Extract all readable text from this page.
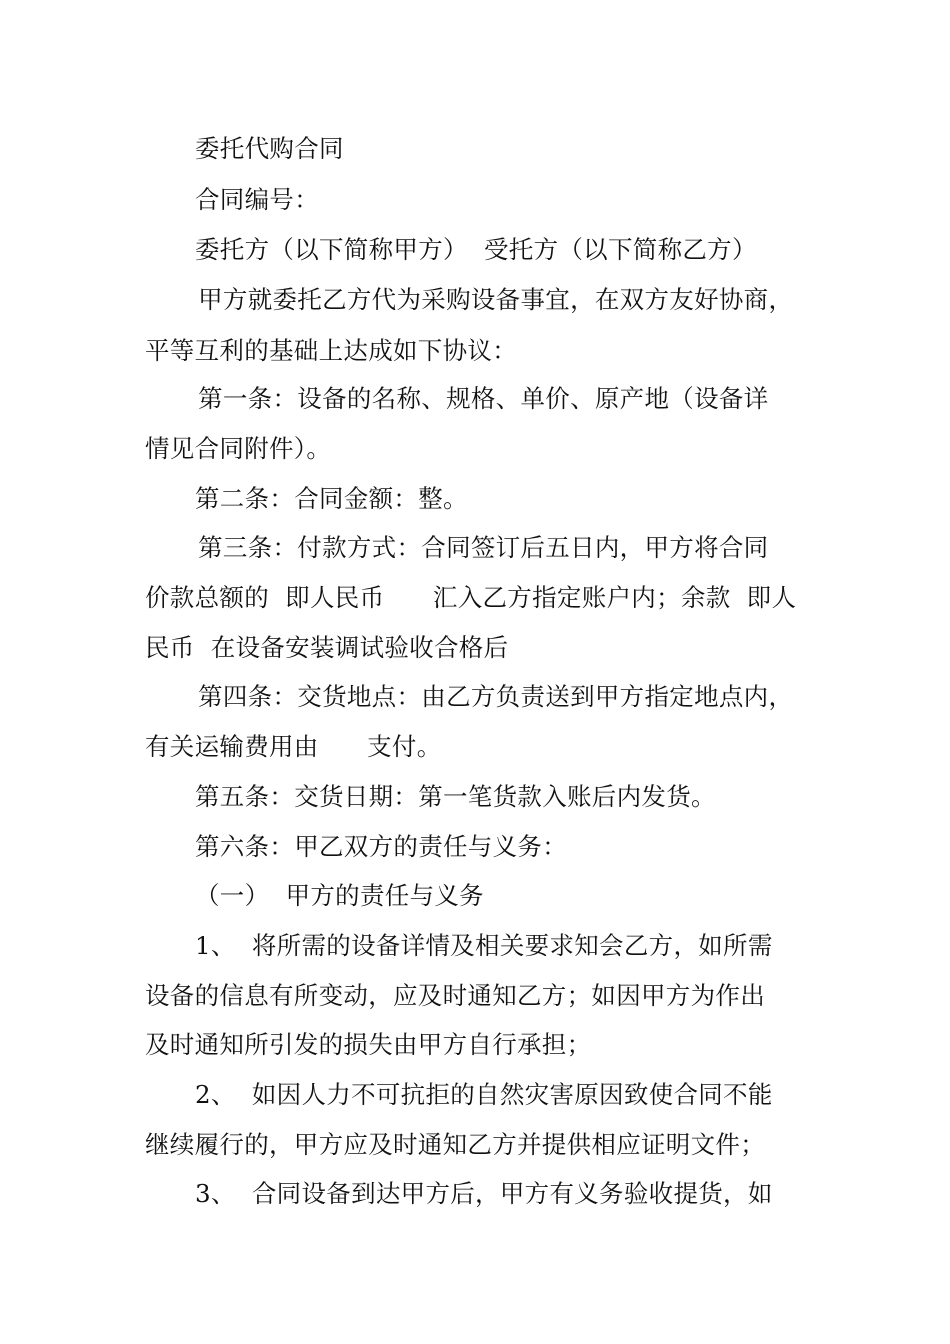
委托代购合同
合同编号：
委托方（以下简称甲方）  受托方（以下简称乙方）
甲方就委托乙方代为采购设备事宜，在双方友好协商，
平等互利的基础上达成如下协议：
第一条：设备的名称、规格、单价、原产地（设备详
情见合同附件）。
第二条：合同金额：整。
第三条：付款方式：合同签订后五日内，甲方将合同
价款总额的  即人民币      汇入乙方指定账户内；余款  即人
民币  在设备安装调试验收合格后
第四条：交货地点：由乙方负责送到甲方指定地点内，
有关运输费用由      支付。
第五条：交货日期：第一笔货款入账后内发货。
第六条：甲乙双方的责任与义务：
（一）  甲方的责任与义务
1、  将所需的设备详情及相关要求知会乙方，如所需
设备的信息有所变动，应及时通知乙方；如因甲方为作出
及时通知所引发的损失由甲方自行承担；
2、  如因人力不可抗拒的自然灾害原因致使合同不能
继续履行的，甲方应及时通知乙方并提供相应证明文件；
3、  合同设备到达甲方后，甲方有义务验收提货，如
